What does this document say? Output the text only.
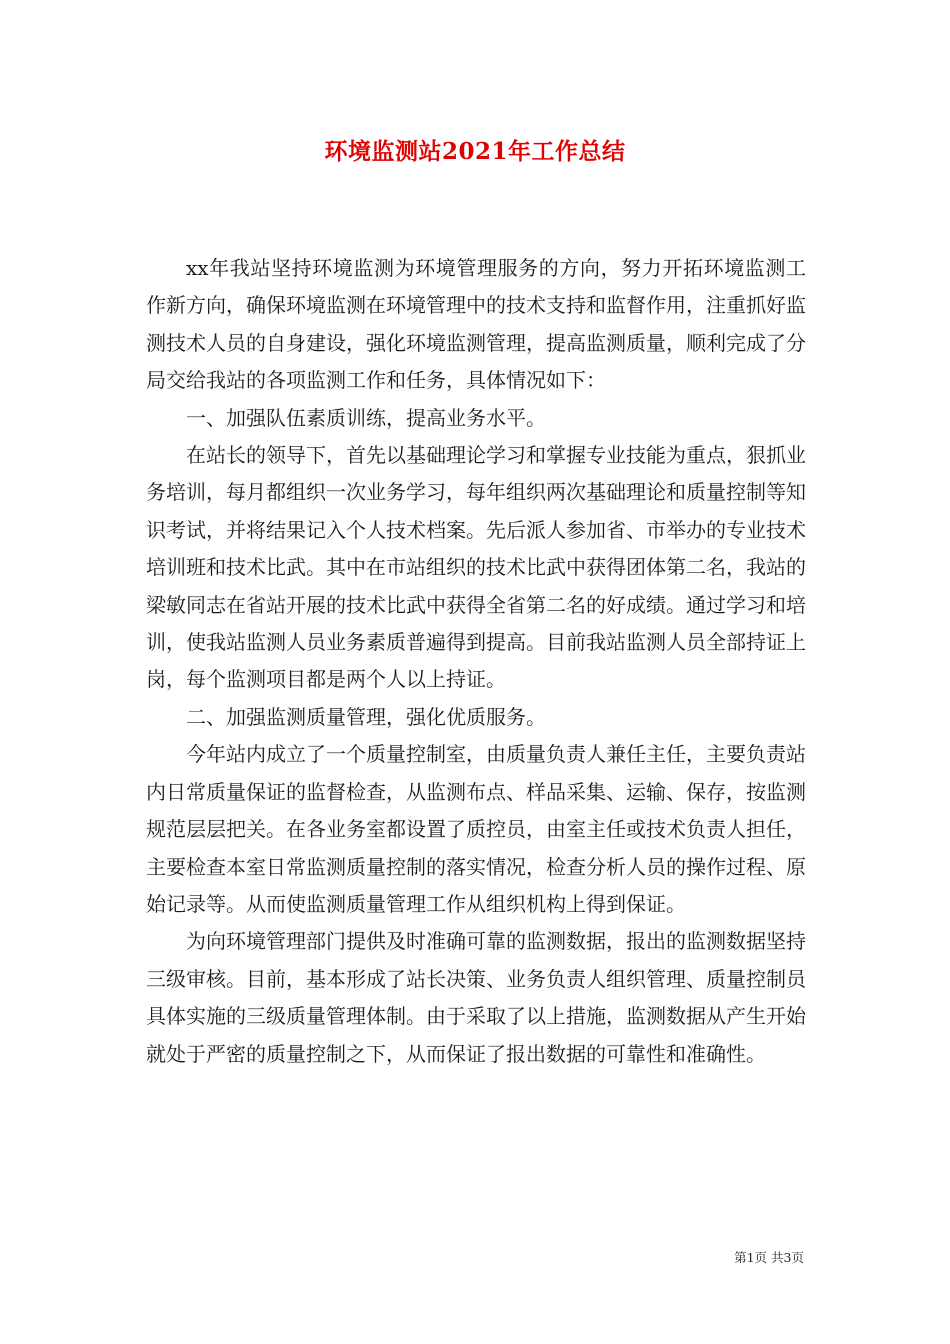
环境监测站2021年工作总结

xx年我站坚持环境监测为环境管理服务的方向，努力开拓环境监测工作新方向，确保环境监测在环境管理中的技术支持和监督作用，注重抓好监测技术人员的自身建设，强化环境监测管理，提高监测质量，顺利完成了分局交给我站的各项监测工作和任务，具体情况如下：

一、加强队伍素质训练，提高业务水平。

在站长的领导下，首先以基础理论学习和掌握专业技能为重点，狠抓业务培训，每月都组织一次业务学习，每年组织两次基础理论和质量控制等知识考试，并将结果记入个人技术档案。先后派人参加省、市举办的专业技术培训班和技术比武。其中在市站组织的技术比武中获得团体第二名，我站的梁敏同志在省站开展的技术比武中获得全省第二名的好成绩。通过学习和培训，使我站监测人员业务素质普遍得到提高。目前我站监测人员全部持证上岗，每个监测项目都是两个人以上持证。

二、加强监测质量管理，强化优质服务。

今年站内成立了一个质量控制室，由质量负责人兼任主任，主要负责站内日常质量保证的监督检查，从监测布点、样品采集、运输、保存，按监测规范层层把关。在各业务室都设置了质控员，由室主任或技术负责人担任，主要检查本室日常监测质量控制的落实情况，检查分析人员的操作过程、原始记录等。从而使监测质量管理工作从组织机构上得到保证。

为向环境管理部门提供及时准确可靠的监测数据，报出的监测数据坚持三级审核。目前，基本形成了站长决策、业务负责人组织管理、质量控制员具体实施的三级质量管理体制。由于采取了以上措施，监测数据从产生开始就处于严密的质量控制之下，从而保证了报出数据的可靠性和准确性。

第1页 共3页
